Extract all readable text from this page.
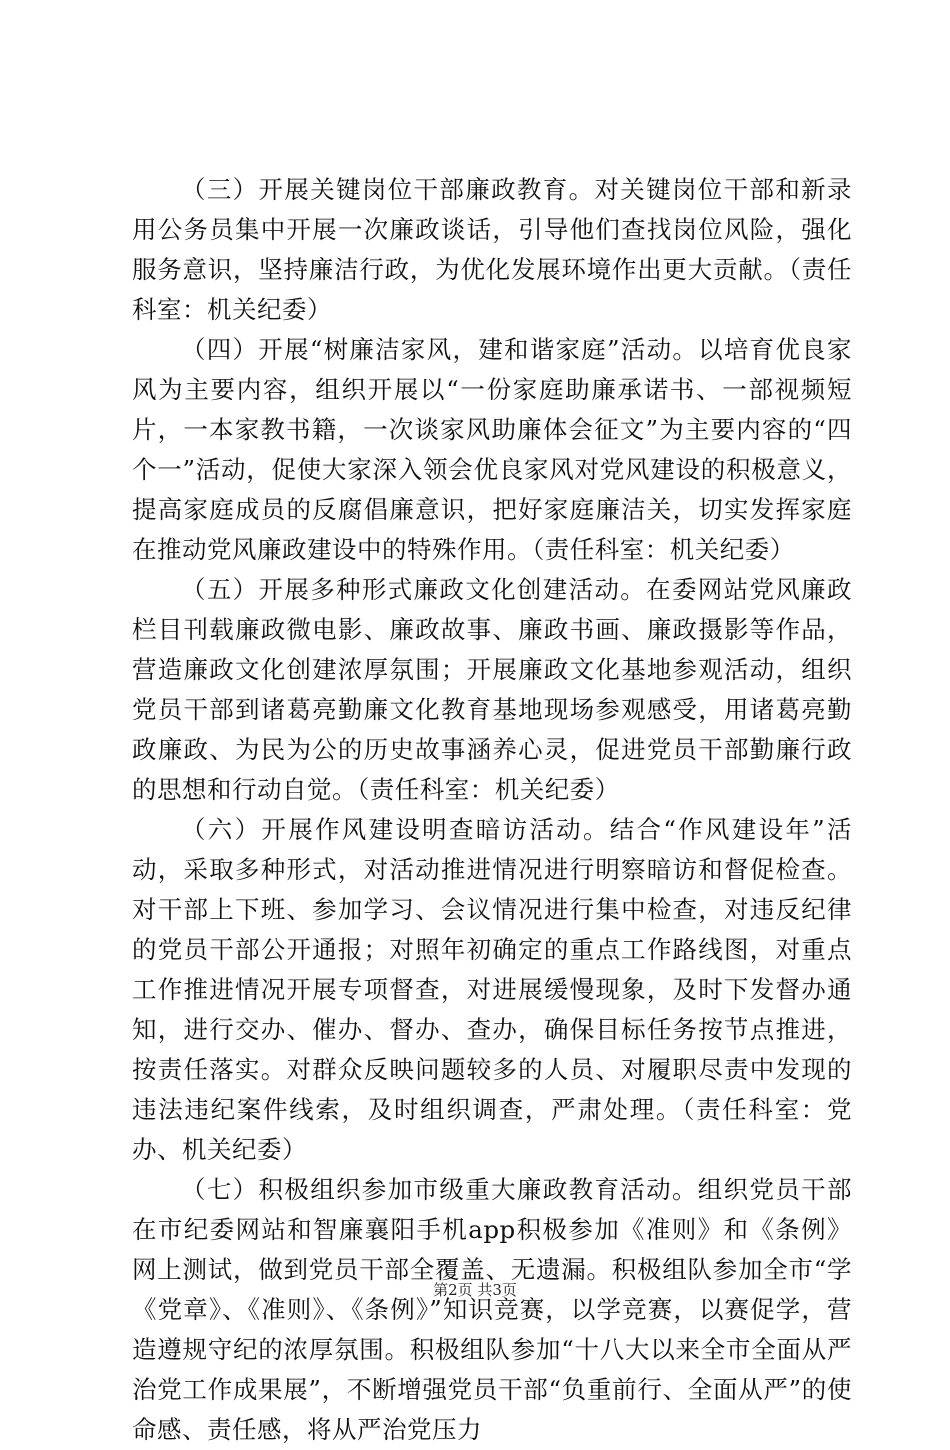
（三）开展关键岗位干部廉政教育。对关键岗位干部和新录用公务员集中开展一次廉政谈话，引导他们查找岗位风险，强化服务意识，坚持廉洁行政，为优化发展环境作出更大贡献。（责任科室：机关纪委）

（四）开展“树廉洁家风，建和谐家庭”活动。以培育优良家风为主要内容，组织开展以“一份家庭助廉承诺书、一部视频短片，一本家教书籍，一次谈家风助廉体会征文”为主要内容的“四个一”活动，促使大家深入领会优良家风对党风建设的积极意义，提高家庭成员的反腐倡廉意识，把好家庭廉洁关，切实发挥家庭在推动党风廉政建设中的特殊作用。（责任科室：机关纪委）

（五）开展多种形式廉政文化创建活动。在委网站党风廉政栏目刊载廉政微电影、廉政故事、廉政书画、廉政摄影等作品，营造廉政文化创建浓厚氛围；开展廉政文化基地参观活动，组织党员干部到诸葛亮勤廉文化教育基地现场参观感受，用诸葛亮勤政廉政、为民为公的历史故事涵养心灵，促进党员干部勤廉行政的思想和行动自觉。（责任科室：机关纪委）

（六）开展作风建设明查暗访活动。结合“作风建设年”活动，采取多种形式，对活动推进情况进行明察暗访和督促检查。对干部上下班、参加学习、会议情况进行集中检查，对违反纪律的党员干部公开通报；对照年初确定的重点工作路线图，对重点工作推进情况开展专项督查，对进展缓慢现象，及时下发督办通知，进行交办、催办、督办、查办，确保目标任务按节点推进，按责任落实。对群众反映问题较多的人员、对履职尽责中发现的违法违纪案件线索，及时组织调查，严肃处理。（责任科室：党办、机关纪委）

（七）积极组织参加市级重大廉政教育活动。组织党员干部在市纪委网站和智廉襄阳手机app积极参加《准则》和《条例》网上测试，做到党员干部全覆盖、无遗漏。积极组队参加全市“学《党章》、《准则》、《条例》”知识竞赛，以学竞赛，以赛促学，营造遵规守纪的浓厚氛围。积极组队参加“十八大以来全市全面从严治党工作成果展”，不断增强党员干部“负重前行、全面从严”的使命感、责任感，将从严治党压力

第2页 共3页
